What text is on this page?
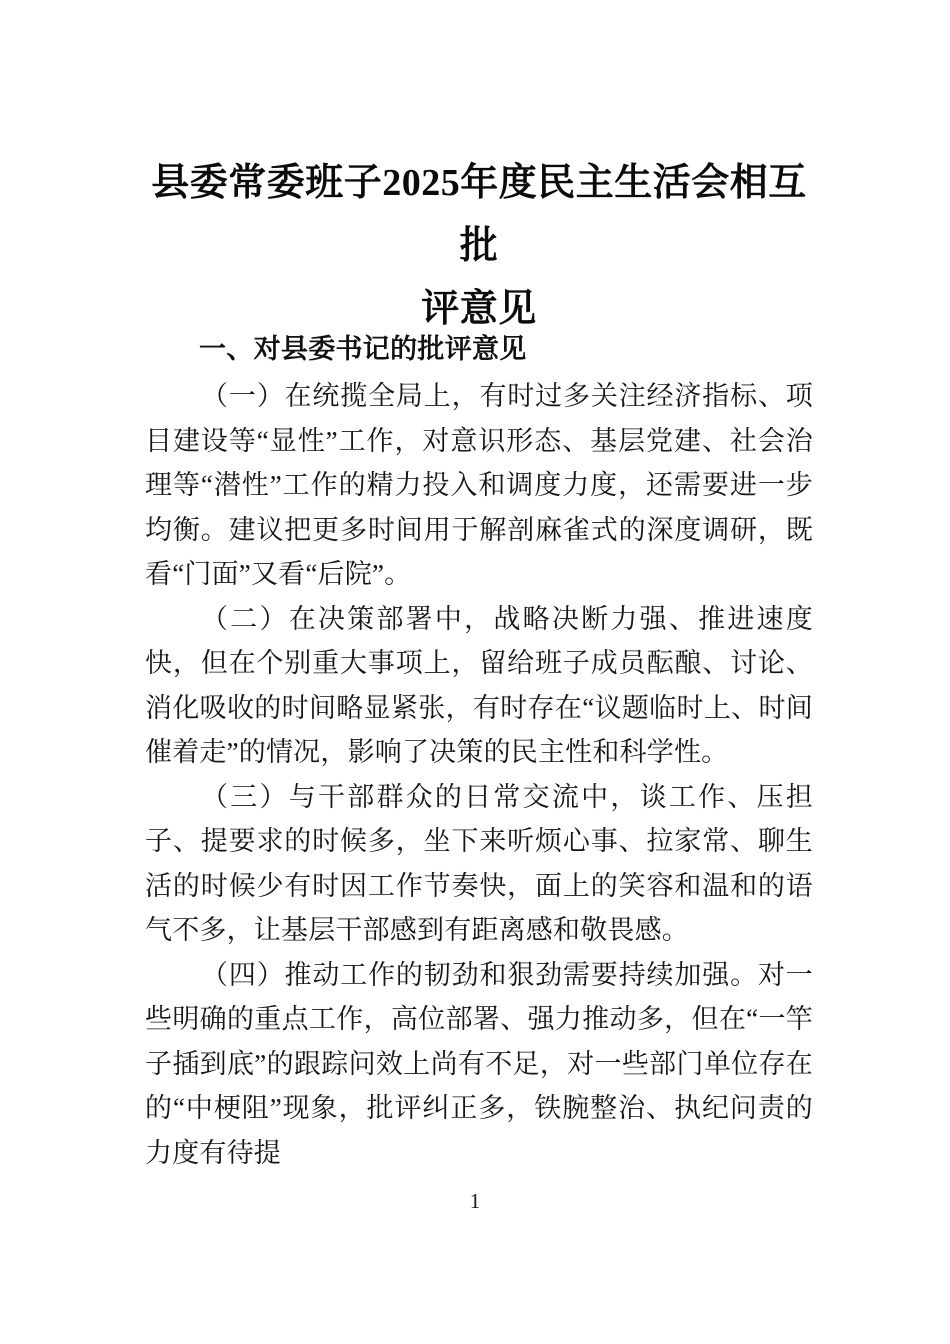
县委常委班子2025年度民主生活会相互批
评意见

一、对县委书记的批评意见

（一）在统揽全局上，有时过多关注经济指标、项目建设等“显性”工作，对意识形态、基层党建、社会治理等“潜性”工作的精力投入和调度力度，还需要进一步均衡。建议把更多时间用于解剖麻雀式的深度调研，既看“门面”又看“后院”。

（二）在决策部署中，战略决断力强、推进速度快，但在个别重大事项上，留给班子成员酝酿、讨论、消化吸收的时间略显紧张，有时存在“议题临时上、时间催着走”的情况，影响了决策的民主性和科学性。

（三）与干部群众的日常交流中，谈工作、压担子、提要求的时候多，坐下来听烦心事、拉家常、聊生活的时候少有时因工作节奏快，面上的笑容和温和的语气不多，让基层干部感到有距离感和敬畏感。

（四）推动工作的韧劲和狠劲需要持续加强。对一些明确的重点工作，高位部署、强力推动多，但在“一竿子插到底”的跟踪问效上尚有不足，对一些部门单位存在的“中梗阻”现象，批评纠正多，铁腕整治、执纪问责的力度有待提

1
